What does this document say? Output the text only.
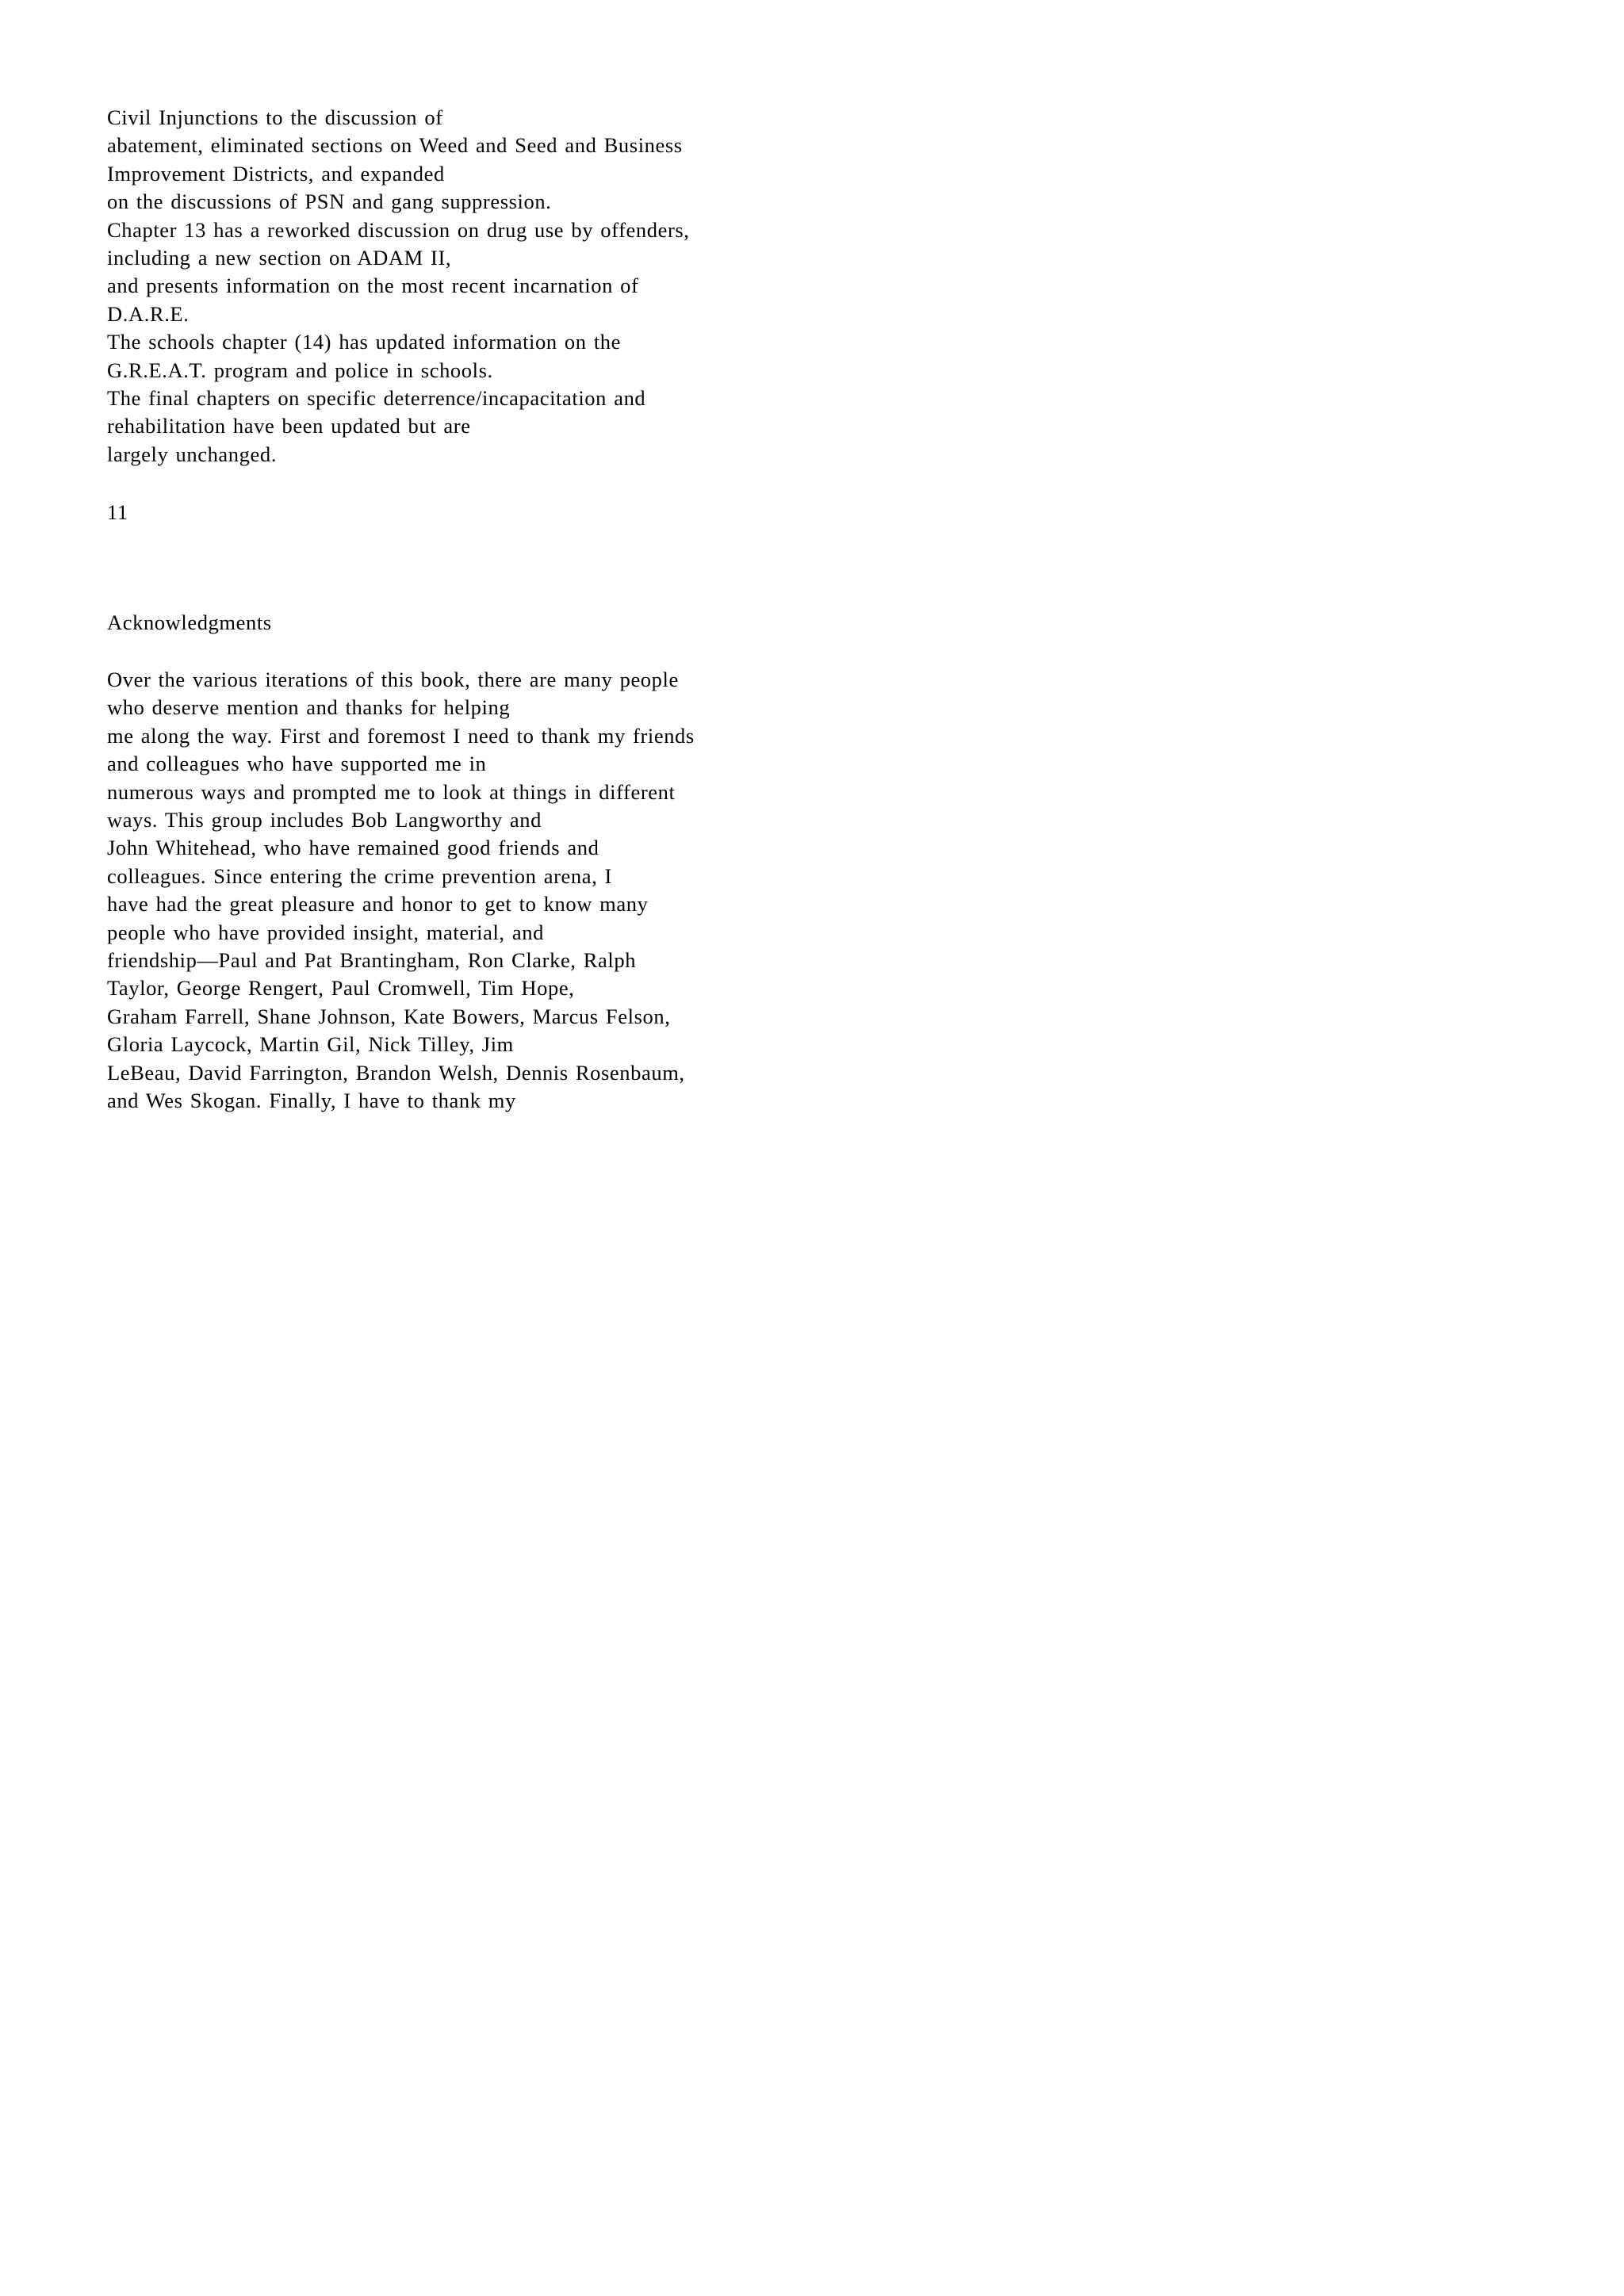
Civil Injunctions to the discussion of
abatement, eliminated sections on Weed and Seed and Business
Improvement Districts, and expanded
on the discussions of PSN and gang suppression.
Chapter 13 has a reworked discussion on drug use by offenders,
including a new section on ADAM II,
and presents information on the most recent incarnation of
D.A.R.E.
The schools chapter (14) has updated information on the
G.R.E.A.T. program and police in schools.
The final chapters on specific deterrence/incapacitation and
rehabilitation have been updated but are
largely unchanged.
11
Acknowledgments
Over the various iterations of this book, there are many people
who deserve mention and thanks for helping
me along the way. First and foremost I need to thank my friends
and colleagues who have supported me in
numerous ways and prompted me to look at things in different
ways. This group includes Bob Langworthy and
John Whitehead, who have remained good friends and
colleagues. Since entering the crime prevention arena, I
have had the great pleasure and honor to get to know many
people who have provided insight, material, and
friendship—Paul and Pat Brantingham, Ron Clarke, Ralph
Taylor, George Rengert, Paul Cromwell, Tim Hope,
Graham Farrell, Shane Johnson, Kate Bowers, Marcus Felson,
Gloria Laycock, Martin Gil, Nick Tilley, Jim
LeBeau, David Farrington, Brandon Welsh, Dennis Rosenbaum,
and Wes Skogan. Finally, I have to thank my
